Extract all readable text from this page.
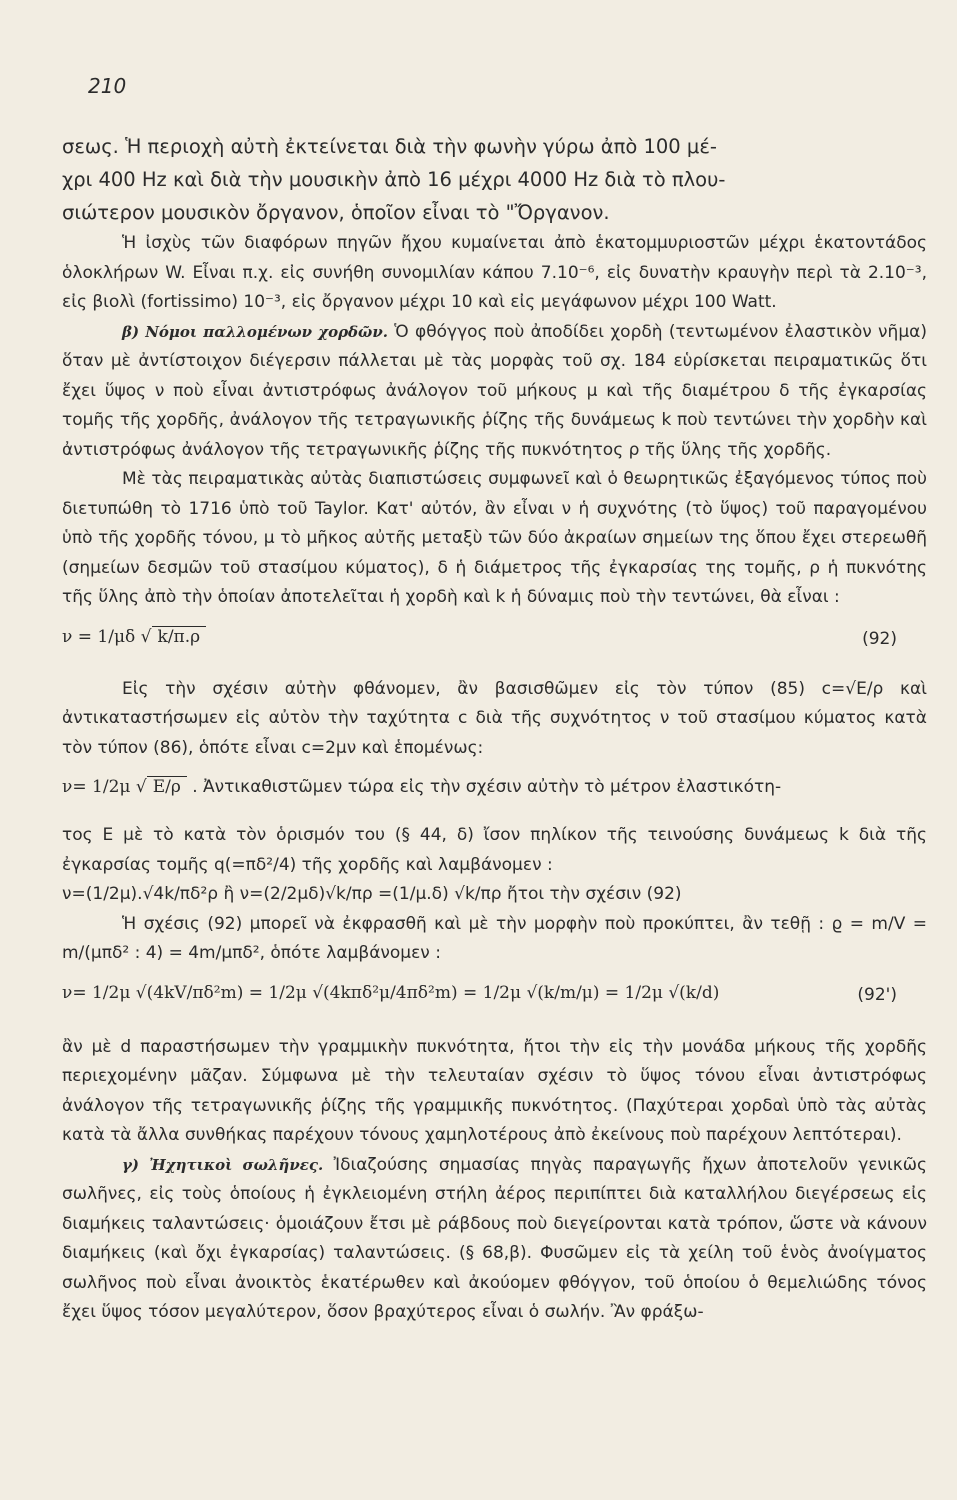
210

σεως. Ἡ περιοχὴ αὐτὴ ἐκτείνεται διὰ τὴν φωνὴν γύρω ἀπὸ 100 μέ-

χρι 400 Hz καὶ διὰ τὴν μουσικὴν ἀπὸ 16 μέχρι 4000 Hz διὰ τὸ πλου-

σιώτερον μουσικὸν ὄργανον, ὁποῖον εἶναι τὸ "Ὄργανον.

Ἡ ἰσχὺς τῶν διαφόρων πηγῶν ἤχου κυμαίνεται ἀπὸ ἑκατομμυριοστῶν μέχρι ἑκατοντάδος ὁλοκλήρων W. Εἶναι π.χ. εἰς συνήθη συνομιλίαν κάπου 7.10⁻⁶, εἰς δυνατὴν κραυγὴν περὶ τὰ 2.10⁻³, εἰς βιολὶ (fortissimo) 10⁻³, εἰς ὄργανον μέχρι 10 καὶ εἰς μεγάφωνον μέχρι 100 Watt.

β) Νόμοι παλλομένων χορδῶν. Ὁ φθόγγος ποὺ ἀποδίδει χορδὴ (τεντωμένον ἐλαστικὸν νῆμα) ὅταν μὲ ἀντίστοιχον διέγερσιν πάλλεται μὲ τὰς μορφὰς τοῦ σχ. 184 εὑρίσκεται πειραματικῶς ὅτι ἔχει ὕψος ν ποὺ εἶναι ἀντιστρόφως ἀνάλογον τοῦ μήκους μ καὶ τῆς διαμέτρου δ τῆς ἐγκαρσίας τομῆς τῆς χορδῆς, ἀνάλογον τῆς τετραγωνικῆς ῥίζης τῆς δυνάμεως k ποὺ τεντώνει τὴν χορδὴν καὶ ἀντιστρόφως ἀνάλογον τῆς τετραγωνικῆς ῥίζης τῆς πυκνότητος ρ τῆς ὕλης τῆς χορδῆς.

Μὲ τὰς πειραματικὰς αὐτὰς διαπιστώσεις συμφωνεῖ καὶ ὁ θεωρητικῶς ἐξαγόμενος τύπος ποὺ διετυπώθη τὸ 1716 ὑπὸ τοῦ Taylor. Κατ' αὐτόν, ἂν εἶναι ν ἡ συχνότης (τὸ ὕψος) τοῦ παραγομένου ὑπὸ τῆς χορδῆς τόνου, μ τὸ μῆκος αὐτῆς μεταξὺ τῶν δύο ἀκραίων σημείων της ὅπου ἔχει στερεωθῆ (σημείων δεσμῶν τοῦ στασίμου κύματος), δ ἡ διάμετρος τῆς ἐγκαρσίας της τομῆς, ρ ἡ πυκνότης τῆς ὕλης ἀπὸ τὴν ὁποίαν ἀποτελεῖται ἡ χορδὴ καὶ k ἡ δύναμις ποὺ τὴν τεντώνει, θὰ εἶναι :

ν = 1/μδ √ k/π.ρ	(92)

Εἰς τὴν σχέσιν αὐτὴν φθάνομεν, ἂν βασισθῶμεν εἰς τὸν τύπον (85) c=√E/ρ καὶ ἀντικαταστήσωμεν εἰς αὐτὸν τὴν ταχύτητα c διὰ τῆς συχνότητος ν τοῦ στασίμου κύματος κατὰ τὸν τύπον (86), ὁπότε εἶναι c=2μν καὶ ἑπομένως:

ν= 1/2μ √ E/ρ . Ἀντικαθιστῶμεν τώρα εἰς τὴν σχέσιν αὐτὴν τὸ μέτρον ἐλαστικότη-

τος E μὲ τὸ κατὰ τὸν ὁρισμόν του (§ 44, δ) ἴσον πηλίκον τῆς τεινούσης δυνάμεως k διὰ τῆς ἐγκαρσίας τομῆς q(=πδ²/4) τῆς χορδῆς καὶ λαμβάνομεν :

ν=(1/2μ).√4k/πδ²ρ ἢ ν=(2/2μδ)√k/πρ =(1/μ.δ) √k/πρ ἤτοι τὴν σχέσιν (92)

Ἡ σχέσις (92) μπορεῖ νὰ ἐκφρασθῆ καὶ μὲ τὴν μορφὴν ποὺ προκύπτει, ἂν τεθῇ : ϱ = m/V = m/(μπδ² : 4) = 4m/μπδ², ὁπότε λαμβάνομεν :

ν= 1/2μ √(4kV/πδ²m) = 1/2μ √(4kπδ²μ/4πδ²m) = 1/2μ √(k/m/μ) = 1/2μ √(k/d)	(92')

ἂν μὲ d παραστήσωμεν τὴν γραμμικὴν πυκνότητα, ἤτοι τὴν εἰς τὴν μονάδα μήκους τῆς χορδῆς περιεχομένην μᾶζαν. Σύμφωνα μὲ τὴν τελευταίαν σχέσιν τὸ ὕψος τόνου εἶναι ἀντιστρόφως ἀνάλογον τῆς τετραγωνικῆς ῥίζης τῆς γραμμικῆς πυκνότητος. (Παχύτεραι χορδαὶ ὑπὸ τὰς αὐτὰς κατὰ τὰ ἄλλα συνθήκας παρέχουν τόνους χαμηλοτέρους ἀπὸ ἐκείνους ποὺ παρέχουν λεπτότεραι).

γ) Ἠχητικοὶ σωλῆνες. Ἰδιαζούσης σημασίας πηγὰς παραγωγῆς ἤχων ἀποτελοῦν γενικῶς σωλῆνες, εἰς τοὺς ὁποίους ἡ ἐγκλειομένη στήλη ἀέρος περιπίπτει διὰ καταλλήλου διεγέρσεως εἰς διαμήκεις ταλαντώσεις· ὁμοιάζουν ἔτσι μὲ ράβδους ποὺ διεγείρονται κατὰ τρόπον, ὥστε νὰ κάνουν διαμήκεις (καὶ ὄχι ἐγκαρσίας) ταλαντώσεις. (§ 68,β). Φυσῶμεν εἰς τὰ χείλη τοῦ ἑνὸς ἀνοίγματος σωλῆνος ποὺ εἶναι ἀνοικτὸς ἑκατέρωθεν καὶ ἀκούομεν φθόγγον, τοῦ ὁποίου ὁ θεμελιώδης τόνος ἔχει ὕψος τόσον μεγαλύτερον, ὅσον βραχύτερος εἶναι ὁ σωλήν. Ἂν φράξω-
